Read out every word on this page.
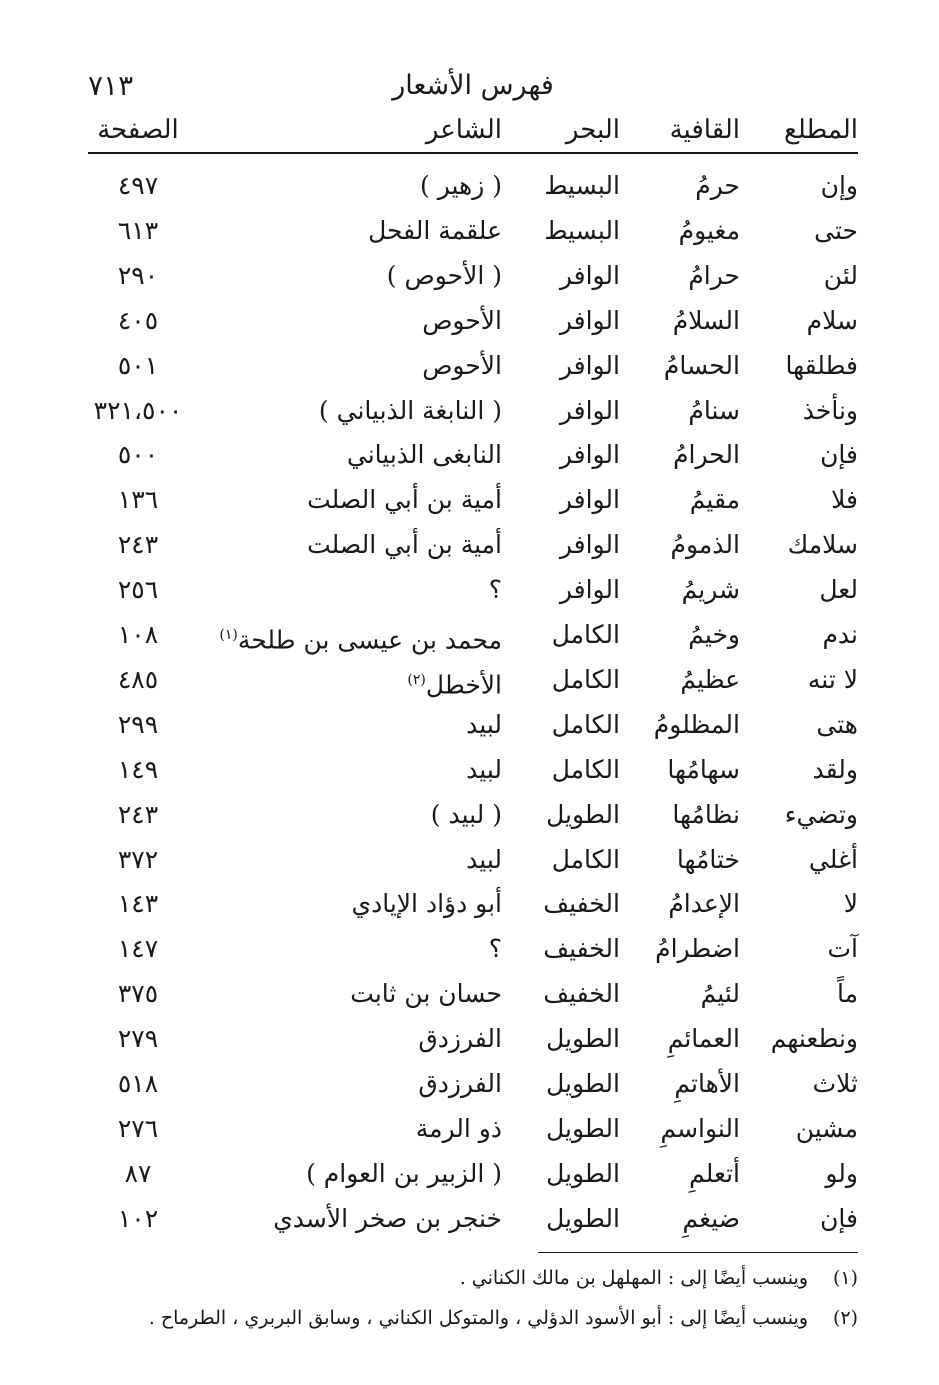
٧١٣	فهرس الأشعار
المطلع
القافية
البحر
الشاعر
الصفحة
وإن
حرمُ
البسيط
( زهير )
٤٩٧
حتى
مغيومُ
البسيط
علقمة الفحل
٦١٣
لئن
حرامُ
الوافر
( الأحوص )
٢٩٠
سلام
السلامُ
الوافر
الأحوص
٤٠٥
فطلقها
الحسامُ
الوافر
الأحوص
٥٠١
ونأخذ
سنامُ
الوافر
( النابغة الذبياني )
٣٢١،٥٠٠
فإن
الحرامُ
الوافر
النابغى الذبياني
٥٠٠
فلا
مقيمُ
الوافر
أمية بن أبي الصلت
١٣٦
سلامك
الذمومُ
الوافر
أمية بن أبي الصلت
٢٤٣
لعل
شريمُ
الوافر
؟
٢٥٦
ندم
وخيمُ
الكامل
محمد بن عيسى بن طلحة$^{(١)}$
١٠٨
لا تنه
عظيمُ
الكامل
الأخطل$^{(٢)}$
٤٨٥
هتى
المظلومُ
الكامل
لبيد
٢٩٩
ولقد
سهامُها
الكامل
لبيد
١٤٩
وتضيء
نظامُها
الطويل
( لبيد )
٢٤٣
أغلي
ختامُها
الكامل
لبيد
٣٧٢
لا
الإعدامُ
الخفيف
أبو دؤاد الإيادي
١٤٣
آت
اضطرامُ
الخفيف
؟
١٤٧
ماً
لئيمُ
الخفيف
حسان بن ثابت
٣٧٥
ونطعنهم
العمائمِ
الطويل
الفرزدق
٢٧٩
ثلاث
الأهاتمِ
الطويل
الفرزدق
٥١٨
مشين
النواسمِ
الطويل
ذو الرمة
٢٧٦
ولو
أتعلمِ
الطويل
( الزبير بن العوام )
٨٧
فإن
ضيغمِ
الطويل
خنجر بن صخر الأسدي
١٠٢
(١)وينسب أيضًا إلى : المهلهل بن مالك الكناني .
(٢)وينسب أيضًا إلى : أبو الأسود الدؤلي ، والمتوكل الكناني ، وسابق البربري ، الطرماح .
